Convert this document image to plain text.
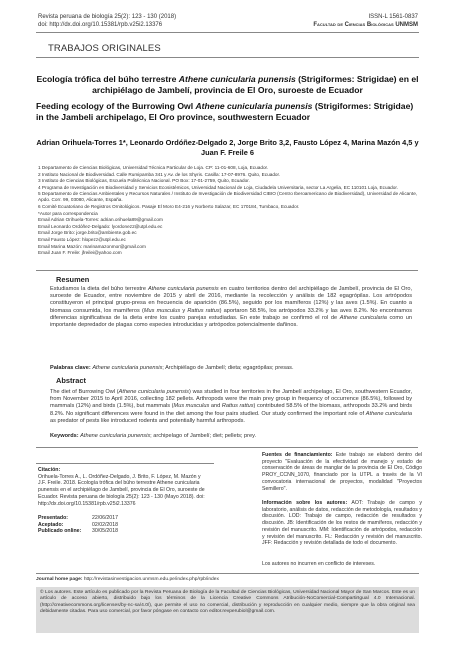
Revista peruana de biología 25(2): 123 - 130 (2018)
doi: http://dx.doi.org/10.15381/rpb.v25i2.13376
ISSN-L 1561-0837
Facultad de Ciencias Biológicas UNMSM
TRABAJOS ORIGINALES
Ecología trófica del búho terrestre Athene cunicularia punensis (Strigiformes: Strigidae) en el archipiélago de Jambelí, provincia de El Oro, suroeste de Ecuador
Feeding ecology of the Burrowing Owl Athene cunicularia punensis (Strigiformes: Strigidae) in the Jambeli archipelago, El Oro province, southwestern Ecuador
Adrian Orihuela-Torres 1*, Leonardo Ordóñez-Delgado 2, Jorge Brito 3,2, Fausto López 4, Marina Mazón 4,5 y Juan F. Freile 6
1 Departamento de Ciencias Biológicas, Universidad Técnica Particular de Loja. CP: 11-01-608, Loja, Ecuador.
2 Instituto Nacional de Biodiversidad. Calle Rumipamba 341 y Av. de los Shyris. Casilla: 17-07-8976. Quito, Ecuador.
3 Instituto de Ciencias Biológicas, Escuela Politécnica Nacional. PO Box: 17-01-2759, Quito, Ecuador.
4 Programa de Investigación en Biodiversidad y Servicios Ecosistémicos, Universidad Nacional de Loja, Ciudadela Universitaria, sector La Argelia, EC 110101 Loja, Ecuador.
5 Departamento de Ciencias Ambientales y Recursos Naturales / Instituto de Investigación de Biodiversidad CIBIO (Centro Iberoamericano de Biodiversidad), Universidad de Alicante, Apdo. Corr. 99, 03080, Alicante, España.
6 Comité Ecuatoriano de Registros Ornitológicos. Pasaje El Moro E4-216 y Norberto Salazar, EC 170184, Tumbaco, Ecuador.
*Autor para correspondencia
Email Adrian Orihuela-Torres: adrian.orihuela89@gmail.com
Email Leonardo Ordóñez-Delgado: lyordonez2@utpl.edu.ec
Email Jorge Brito: jorge.brito@ambiente.gob.ec
Email Fausto López: hlopezz@utpl.edu.ec
Email Marina Mazón: marinamazonmor@gmail.com
Email Juan F. Freile: jfreilei@yahoo.com
Resumen
Estudiamos la dieta del búho terrestre Athene cunicularia punensis en cuatro territorios dentro del archipiélago de Jambelí, provincia de El Oro, suroeste de Ecuador, entre noviembre de 2015 y abril de 2016, mediante la recolección y análisis de 182 egagrópilas. Los artrópodos constituyeron el principal grupo-presa en frecuencia de aparición (86.5%), seguido por los mamíferos (12%) y las aves (1.5%). En cuanto a biomasa consumida, los mamíferos (Mus musculus y Rattus rattus) aportaron 58.5%, los artrópodos 33.2% y las aves 8.2%. No encontramos diferencias significativas de la dieta entre los cuatro parejas estudiadas. En este trabajo se confirmó el rol de Athene cunicularia como un importante depredador de plagas como especies introducidas y artrópodos potencialmente dañinos.
Palabras clave: Athene cunicularia punensis; Archipiélago de Jambelí; dieta; egagrópilas; presas.
Abstract
The diet of Burrowing Owl (Athene cunicularia punensis) was studied in four territories in the Jambelí archipelago, El Oro, southwestern Ecuador, from November 2015 to April 2016, collecting 182 pellets. Arthropods were the main prey group in frequency of occurrence (86.5%), followed by mammals (12%) and birds (1.5%), but mammals (Mus musculus and Rattus rattus) contributed 58.5% of the biomass, arthropods 33.2% and birds 8.2%. No significant differences were found in the diet among the four pairs studied. Our study confirmed the important role of Athene cunicularia as predator of pests like introduced rodents and potentially harmful arthropods.
Keywords: Athene cunicularia punensis; archipelago of Jambelí; diet; pellets; prey.
Citación:
Orihuela-Torres A., L. Ordóñez-Delgado, J. Brito, F. López, M. Mazón y J.F. Freile. 2018. Ecología trófica del búho terrestre Athene cunicularia punensis en el archipiélago de Jambelí, provincia de El Oro, suroeste de Ecuador. Revista peruana de biología 25(2): 123 - 130 (Mayo 2018). doi: http://dx.doi.org/10.15381/rpb.v25i2.13376
Presentado:	22/06/2017
Aceptado:	02/02/2018
Publicado online: 30/05/2018
Fuentes de financiamiento: Este trabajo se elaboró dentro del proyecto "Evaluación de la efectividad de manejo y estado de conservación de áreas de manglar de la provincia de El Oro, Código PROY_CCNN_1070, financiado por la UTPL a través de la VI convocatoria internacional de proyectos, modalidad "Proyectos Semillero".
Información sobre los autores: AOT: Trabajo de campo y laboratorio, análisis de datos, redacción de metodología, resultados y discusión. LOD: Trabajo de campo, redacción de resultados y discusión. JB: Identificación de los restos de mamíferos, redacción y revisión del manuscrito. MM: Identificación de artrópodos, redacción y revisión del manuscrito. FL: Redacción y revisión del manuscrito. JFF: Redacción y revisión detallada de todo el documento.
Los autores no incurren en conflicto de intereses.
Journal home page: http://revistasinvestigacion.unmsm.edu.pe/index.php/rpb/index
© Los autores. Este artículo es publicado por la Revista Peruana de Biología de la Facultad de Ciencias Biológicas, Universidad Nacional Mayor de San Marcos. Este es un artículo de acceso abierto, distribuido bajo los términos de la Licencia Creative Commons Atribución-NoComercial-CompartirIgual 4.0 Internacional.(http://creativecommons.org/licenses/by-nc-sa/4.0/), que permite el uso no comercial, distribución y reproducción en cualquier medio, siempre que la obra original sea debidamente citadas. Para uso comercial, por favor póngase en contacto con editor.revperubiol@gmail.com.
